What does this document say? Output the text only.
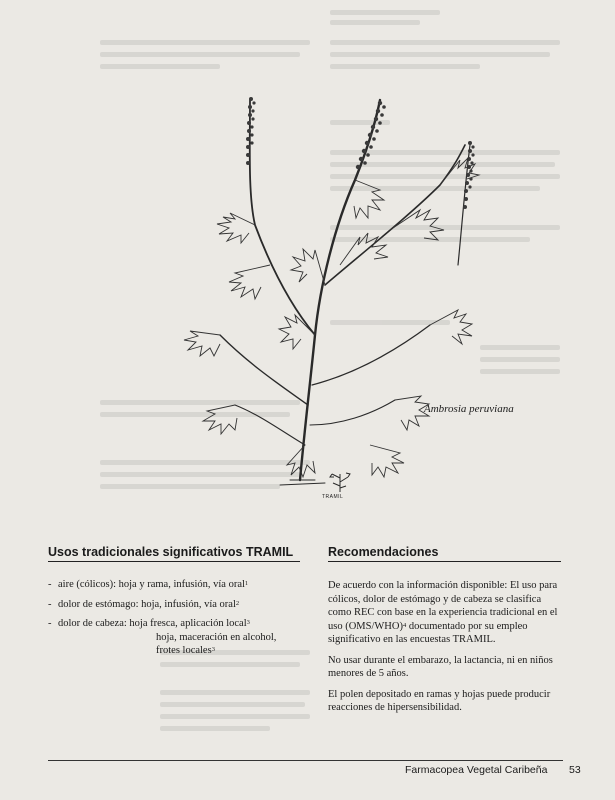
Ambrosia peruviana
TRAMIL
Usos tradicionales significativos TRAMIL
- aire (cólicos): hoja y rama, infusión, vía oral$^1$
- dolor de estómago: hoja, infusión, vía oral$^2$
- dolor de cabeza: hoja fresca, aplicación local$^3$
hoja, maceración en alcohol,
frotes locales$^3$
Recomendaciones

De acuerdo con la información disponible: El uso para cólicos, dolor de estómago y de cabeza se clasifica como REC con base en la experiencia tradicional en el uso $(OMS/WHO)^4$ documentado por su empleo significativo en las encuestas TRAMIL.

No usar durante el embarazo, la lactancia, ni en niños menores de 5 años.

El polen depositado en ramas y hojas puede producir reacciones de hipersensibilidad.

Farmacopea Vegetal Caribeña 53
